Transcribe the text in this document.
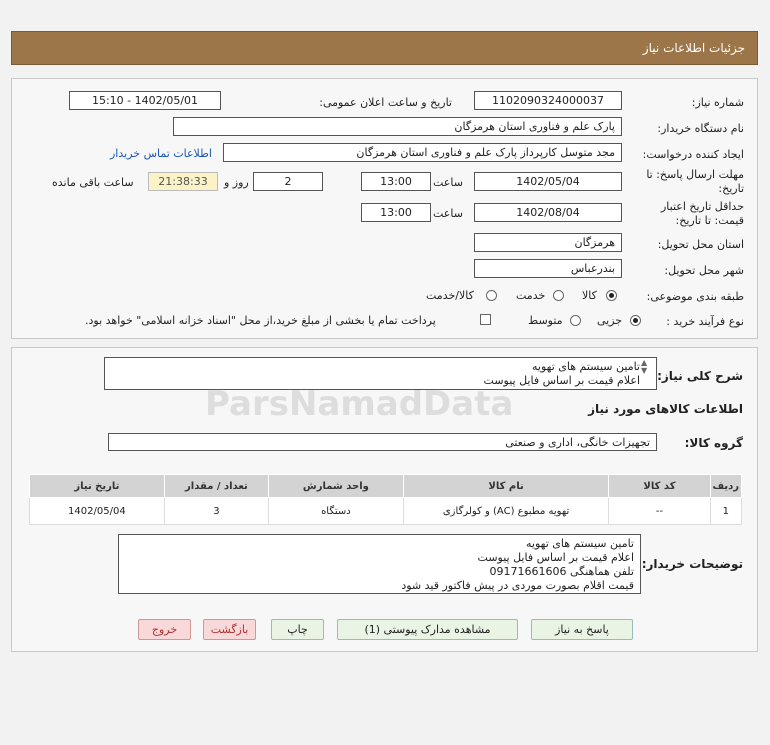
جزئیات اطلاعات نیاز
شماره نیاز:
1102090324000037
تاریخ و ساعت اعلان عمومی:
1402/05/01 - 15:10
نام دستگاه خریدار:
پارک علم و فناوری استان هرمزگان
ایجاد کننده درخواست:
مجد متوسل کارپرداز پارک علم و فناوری استان هرمزگان
اطلاعات تماس خریدار
مهلت ارسال پاسخ: تا
تاریخ:
1402/05/04
ساعت
13:00
2
روز و
21:38:33
ساعت باقی مانده
حداقل تاریخ اعتبار
قیمت: تا تاریخ:
1402/08/04
ساعت
13:00
استان محل تحویل:
هرمزگان
شهر محل تحویل:
بندرعباس
طبقه بندی موضوعی:
کالا
خدمت
کالا/خدمت
نوع فرآیند خرید :
جزیی
متوسط
پرداخت تمام یا بخشی از مبلغ خرید،از محل "اسناد خزانه اسلامی" خواهد بود.
شرح کلی نیاز:
تامین سیستم های تهویه
اعلام قیمت بر اساس فایل پیوست
▲
▼
اطلاعات کالاهای مورد نیاز
گروه کالا:
تجهیزات خانگی، اداری و صنعتی
ردیف	کد کالا	نام کالا	واحد شمارش	تعداد / مقدار	تاریخ نیاز
1	--	تهویه مطبوع (AC) و کولرگازی	دستگاه	3	1402/05/04
توضیحات خریدار:
تامین سیستم های تهویه
اعلام قیمت بر اساس فایل پیوست
تلفن هماهنگی 09171661606
قیمت اقلام بصورت موردی در پیش فاکتور قید شود
پاسخ به نیاز
مشاهده مدارک پیوستی (1)
چاپ
بازگشت
خروج
ParsNamadData
